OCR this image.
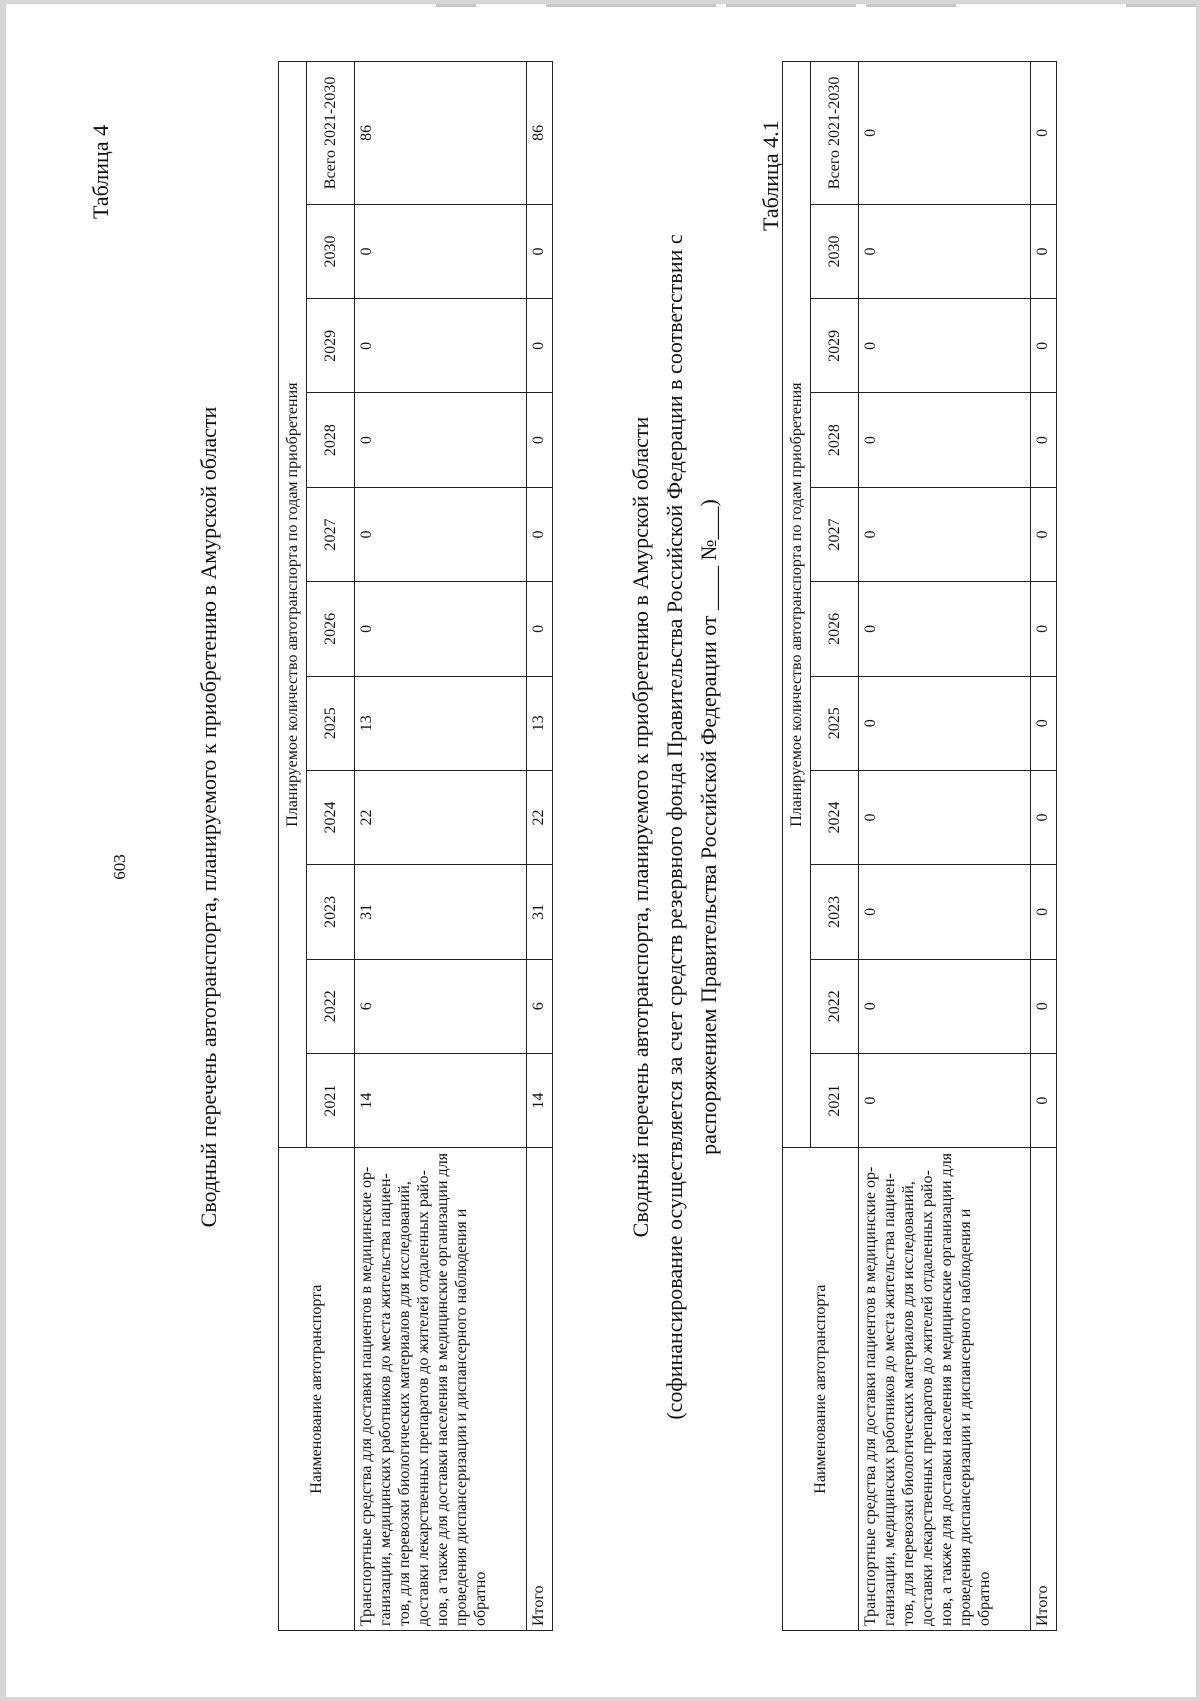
603
Таблица 4
Сводный перечень автотранспорта, планируемого к приобретению в Амурской области
Наименование автотранспорта	Планируемое количество автотранспорта по годам приобретения										
	2021	2022	2023	2024	2025	2026	2027	2028	2029	2030	Всего 2021-2030
Транспортные средства для доставки пациентов в медицинские ор- ганизации, медицинских работников до места жительства пациен- тов, для перевозки биологических материалов для исследований, доставки лекарственных препаратов до жителей отдаленных райо- нов, а также для доставки населения в медицинские организации для проведения диспансеризации и диспансерного наблюдения и обратно	14	6	31	22	13	0	0	0	0	0	86
Итого	14	6	31	22	13	0	0	0	0	0	86
Сводный перечень автотранспорта, планируемого к приобретению в Амурской области (софинансирование осуществляется за счет средств резервного фонда Правительства Российской Федерации в соответствии с распоряжением Правительства Российской Федерации от ____ №___)
Таблица 4.1
Наименование автотранспорта	Планируемое количество автотранспорта по годам приобретения										
	2021	2022	2023	2024	2025	2026	2027	2028	2029	2030	Всего 2021-2030
Транспортные средства для доставки пациентов в медицинские ор- ганизации, медицинских работников до места жительства пациен- тов, для перевозки биологических материалов для исследований, доставки лекарственных препаратов до жителей отдаленных райо- нов, а также для доставки населения в медицинские организации для проведения диспансеризации и диспансерного наблюдения и обратно	0	0	0	0	0	0	0	0	0	0	0
Итого	0	0	0	0	0	0	0	0	0	0	0
